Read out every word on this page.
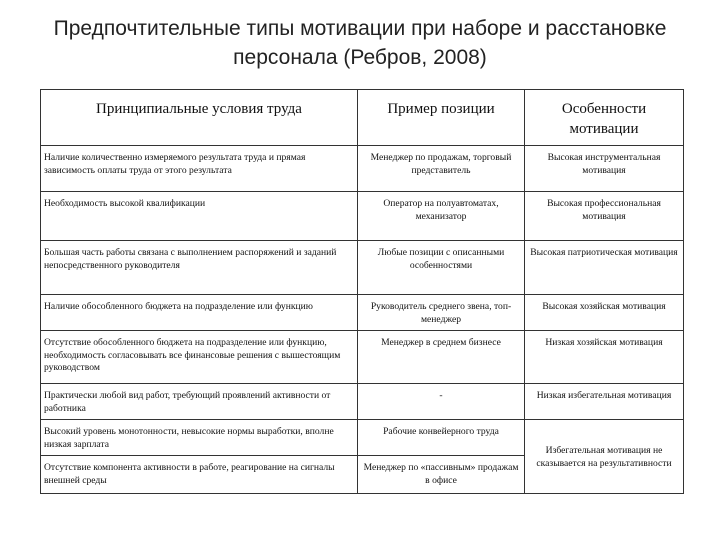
Предпочтительные типы мотивации при наборе и расстановке персонала (Ребров, 2008)
Принципиальные условия труда	Пример позиции	Особенности мотивации
Наличие количественно измеряемого результата труда и прямая зависимость оплаты труда от этого результата	Менеджер по продажам, торговый представитель	Высокая инструментальная мотивация
Необходимость высокой квалификации	Оператор на полуавтоматах, механизатор	Высокая профессиональная мотивация
Большая часть работы связана с выполнением распоряжений и заданий непосредственного руководителя	Любые позиции с описанными особенностями	Высокая патриотическая мотивация
Наличие обособленного бюджета на подразделение или функцию	Руководитель среднего звена, топ-менеджер	Высокая хозяйская мотивация
Отсутствие обособленного бюджета на подразделение или функцию, необходимость согласовывать все финансовые решения с вышестоящим руководством	Менеджер в среднем бизнесе	Низкая хозяйская мотивация
Практически любой вид работ, требующий проявлений активности от работника	-	Низкая избегательная мотивация
Высокий уровень монотонности, невысокие нормы выработки, вполне низкая зарплата	Рабочие конвейерного труда	Избегательная мотивация не сказывается на результативности
Отсутствие компонента активности в работе, реагирование на сигналы внешней среды	Менеджер по «пассивным» продажам в офисе	
